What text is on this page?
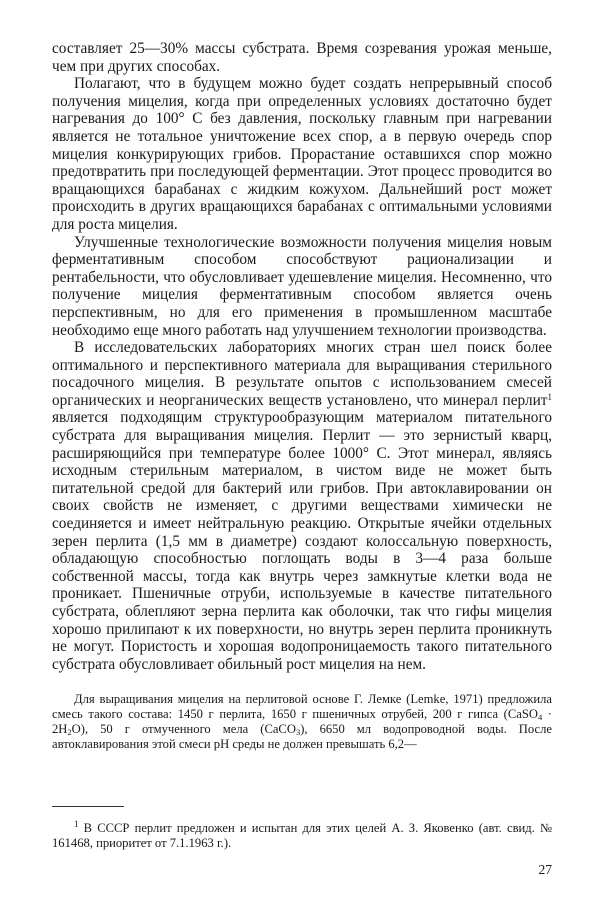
составляет 25—30% массы субстрата. Время созревания урожая меньше, чем при других способах.

Полагают, что в будущем можно будет создать непрерывный способ получения мицелия, когда при определенных условиях достаточно будет нагревания до 100° С без давления, поскольку главным при нагревании является не тотальное уничтожение всех спор, а в первую очередь спор мицелия конкурирующих грибов. Прорастание оставшихся спор можно предотвратить при последующей ферментации. Этот процесс проводится во вращающихся барабанах с жидким кожухом. Дальнейший рост может происходить в других вращающихся барабанах с оптимальными условиями для роста мицелия.

Улучшенные технологические возможности получения мицелия новым ферментативным способом способствуют рационализации и рентабельности, что обусловливает удешевление мицелия. Несомненно, что получение мицелия ферментативным способом является очень перспективным, но для его применения в промышленном масштабе необходимо еще много работать над улучшением технологии производства.

В исследовательских лабораториях многих стран шел поиск более оптимального и перспективного материала для выращивания стерильного посадочного мицелия. В результате опытов с использованием смесей органических и неорганических веществ установлено, что минерал перлит$^1$ является подходящим структурообразующим материалом питательного субстрата для выращивания мицелия. Перлит — это зернистый кварц, расширяющийся при температуре более 1000° С. Этот минерал, являясь исходным стерильным материалом, в чистом виде не может быть питательной средой для бактерий или грибов. При автоклавировании он своих свойств не изменяет, с другими веществами химически не соединяется и имеет нейтральную реакцию. Открытые ячейки отдельных зерен перлита (1,5 мм в диаметре) создают колоссальную поверхность, обладающую способностью поглощать воды в 3—4 раза больше собственной массы, тогда как внутрь через замкнутые клетки вода не проникает. Пшеничные отруби, используемые в качестве питательного субстрата, облепляют зерна перлита как оболочки, так что гифы мицелия хорошо прилипают к их поверхности, но внутрь зерен перлита проникнуть не могут. Пористость и хорошая водопроницаемость такого питательного субстрата обусловливает обильный рост мицелия на нем.

Для выращивания мицелия на перлитовой основе Г. Лемке (Lemke, 1971) предложила смесь такого состава: 1450 г перлита, 1650 г пшеничных отрубей, 200 г гипса (CaSO$_4$ · $2H_2O$), 50 г отмученного мела (CaCO$_3$), 6650 мл водопроводной воды. После автоклавирования этой смеси pH среды не должен превышать 6,2—

$^1$ В СССР перлит предложен и испытан для этих целей А. З. Яковенко (авт. свид. № 161468, приоритет от 7.1.1963 г.).

27
